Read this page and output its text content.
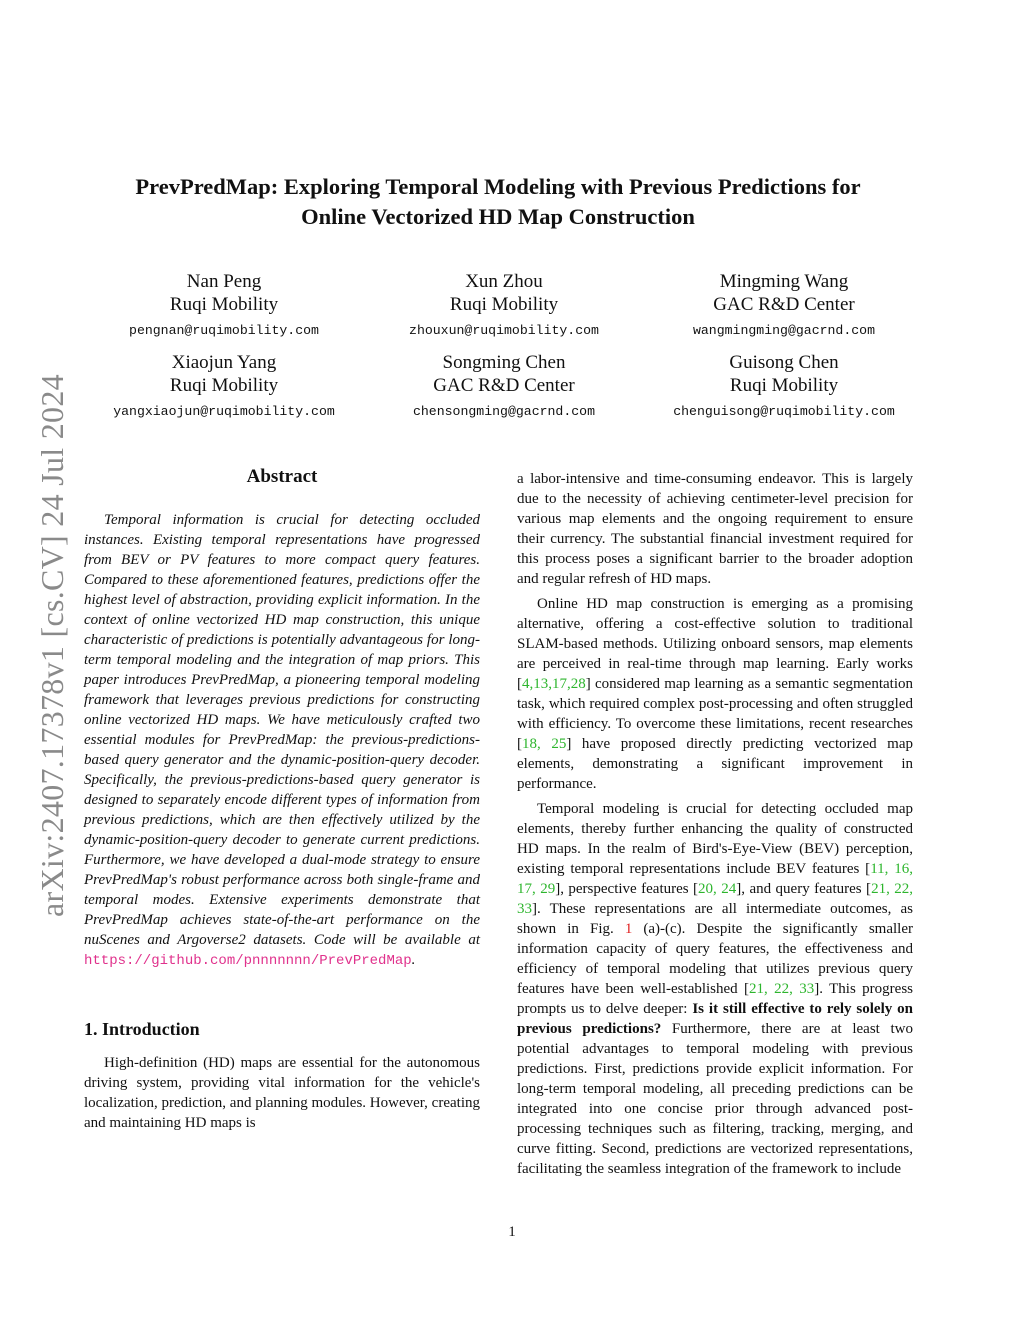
arXiv:2407.17378v1 [cs.CV] 24 Jul 2024
PrevPredMap: Exploring Temporal Modeling with Previous Predictions for
Online Vectorized HD Map Construction
Nan Peng
Ruqi Mobility
pengnan@ruqimobility.com
Xun Zhou
Ruqi Mobility
zhouxun@ruqimobility.com
Mingming Wang
GAC R&D Center
wangmingming@gacrnd.com
Xiaojun Yang
Ruqi Mobility
yangxiaojun@ruqimobility.com
Songming Chen
GAC R&D Center
chensongming@gacrnd.com
Guisong Chen
Ruqi Mobility
chenguisong@ruqimobility.com
Abstract

Temporal information is crucial for detecting occluded instances. Existing temporal representations have progressed from BEV or PV features to more compact query features. Compared to these aforementioned features, predictions offer the highest level of abstraction, providing explicit information. In the context of online vectorized HD map construction, this unique characteristic of predictions is potentially advantageous for long-term temporal modeling and the integration of map priors. This paper introduces PrevPredMap, a pioneering temporal modeling framework that leverages previous predictions for constructing online vectorized HD maps. We have meticulously crafted two essential modules for PrevPredMap: the previous-predictions-based query generator and the dynamic-position-query decoder. Specifically, the previous-predictions-based query generator is designed to separately encode different types of information from previous predictions, which are then effectively utilized by the dynamic-position-query decoder to generate current predictions. Furthermore, we have developed a dual-mode strategy to ensure PrevPredMap's robust performance across both single-frame and temporal modes. Extensive experiments demonstrate that PrevPredMap achieves state-of-the-art performance on the nuScenes and Argoverse2 datasets. Code will be available at https://github.com/pnnnnnnn/PrevPredMap.

1. Introduction

High-definition (HD) maps are essential for the autonomous driving system, providing vital information for the vehicle's localization, prediction, and planning modules. However, creating and maintaining HD maps is

a labor-intensive and time-consuming endeavor. This is largely due to the necessity of achieving centimeter-level precision for various map elements and the ongoing requirement to ensure their currency. The substantial financial investment required for this process poses a significant barrier to the broader adoption and regular refresh of HD maps.

Online HD map construction is emerging as a promising alternative, offering a cost-effective solution to traditional SLAM-based methods. Utilizing onboard sensors, map elements are perceived in real-time through map learning. Early works [4,13,17,28] considered map learning as a semantic segmentation task, which required complex post-processing and often struggled with efficiency. To overcome these limitations, recent researches [18, 25] have proposed directly predicting vectorized map elements, demonstrating a significant improvement in performance.

Temporal modeling is crucial for detecting occluded map elements, thereby further enhancing the quality of constructed HD maps. In the realm of Bird's-Eye-View (BEV) perception, existing temporal representations include BEV features [11, 16, 17, 29], perspective features [20, 24], and query features [21, 22, 33]. These representations are all intermediate outcomes, as shown in Fig. 1 (a)-(c). Despite the significantly smaller information capacity of query features, the effectiveness and efficiency of temporal modeling that utilizes previous query features have been well-established [21, 22, 33]. This progress prompts us to delve deeper: Is it still effective to rely solely on previous predictions? Furthermore, there are at least two potential advantages to temporal modeling with previous predictions. First, predictions provide explicit information. For long-term temporal modeling, all preceding predictions can be integrated into one concise prior through advanced post-processing techniques such as filtering, tracking, merging, and curve fitting. Second, predictions are vectorized representations, facilitating the seamless integration of the framework to include

1
